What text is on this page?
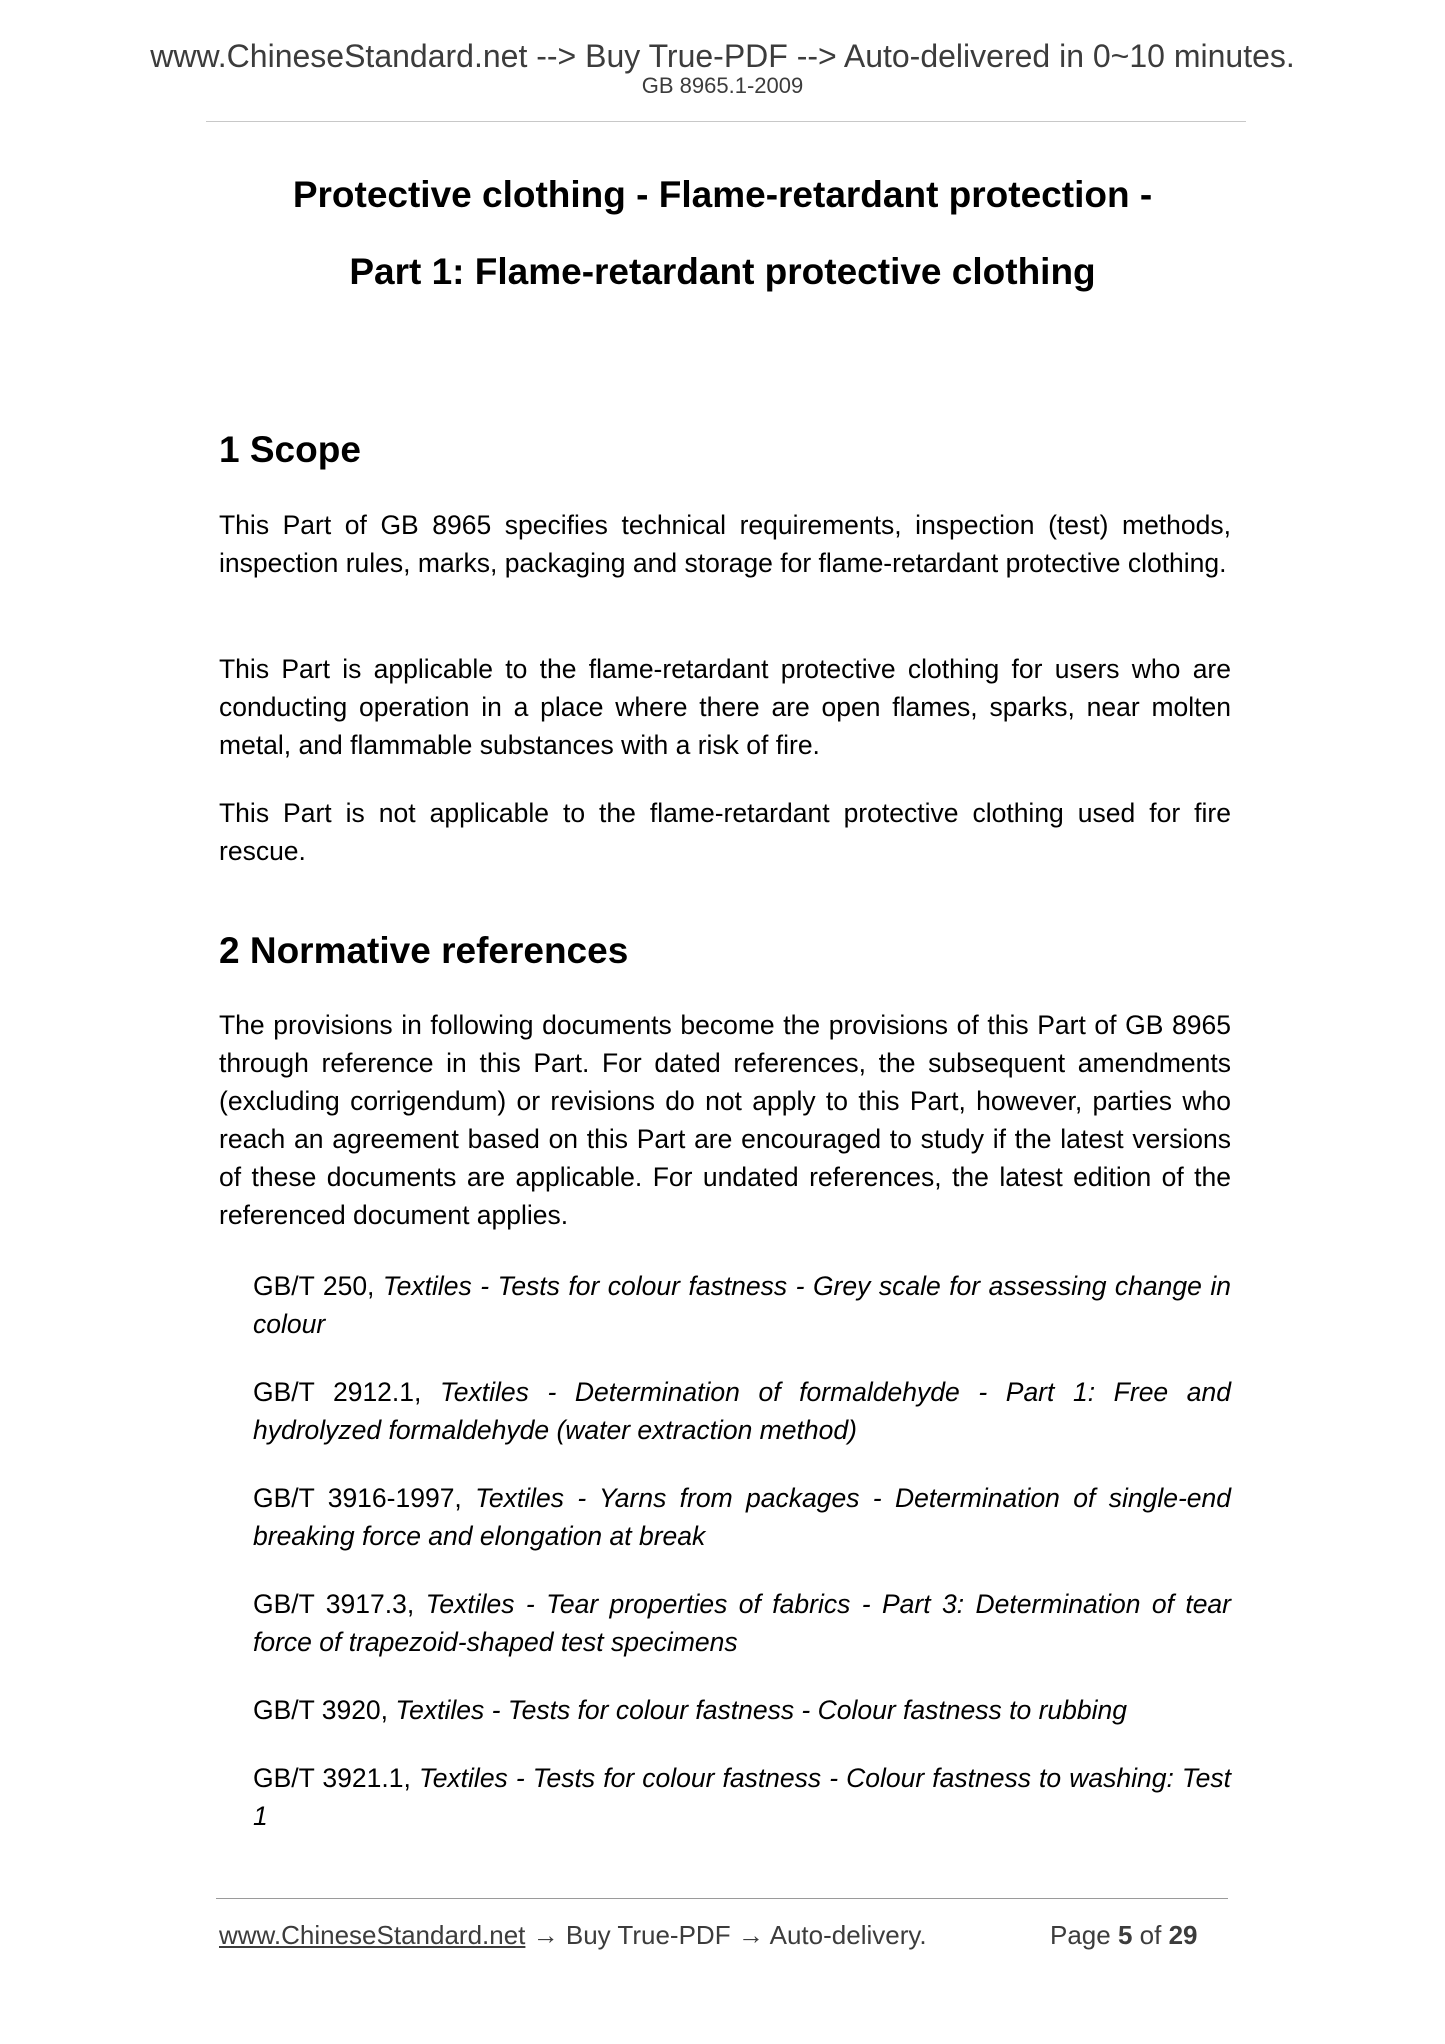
www.ChineseStandard.net --> Buy True-PDF --> Auto-delivered in 0~10 minutes.
GB 8965.1-2009
Protective clothing - Flame-retardant protection -
Part 1: Flame-retardant protective clothing
1 Scope

This Part of GB 8965 specifies technical requirements, inspection (test) methods, inspection rules, marks, packaging and storage for flame-retardant protective clothing.

This Part is applicable to the flame-retardant protective clothing for users who are conducting operation in a place where there are open flames, sparks, near molten metal, and flammable substances with a risk of fire.

This Part is not applicable to the flame-retardant protective clothing used for fire rescue.

2 Normative references

The provisions in following documents become the provisions of this Part of GB 8965 through reference in this Part. For dated references, the subsequent amendments (excluding corrigendum) or revisions do not apply to this Part, however, parties who reach an agreement based on this Part are encouraged to study if the latest versions of these documents are applicable. For undated references, the latest edition of the referenced document applies.

GB/T 250, Textiles - Tests for colour fastness - Grey scale for assessing change in colour

GB/T 2912.1, Textiles - Determination of formaldehyde - Part 1: Free and hydrolyzed formaldehyde (water extraction method)

GB/T 3916-1997, Textiles - Yarns from packages - Determination of single-end breaking force and elongation at break

GB/T 3917.3, Textiles - Tear properties of fabrics - Part 3: Determination of tear force of trapezoid-shaped test specimens

GB/T 3920, Textiles - Tests for colour fastness - Colour fastness to rubbing

GB/T 3921.1, Textiles - Tests for colour fastness - Colour fastness to washing: Test 1

www.ChineseStandard.net → Buy True-PDF → Auto-delivery.	Page 5 of 29
